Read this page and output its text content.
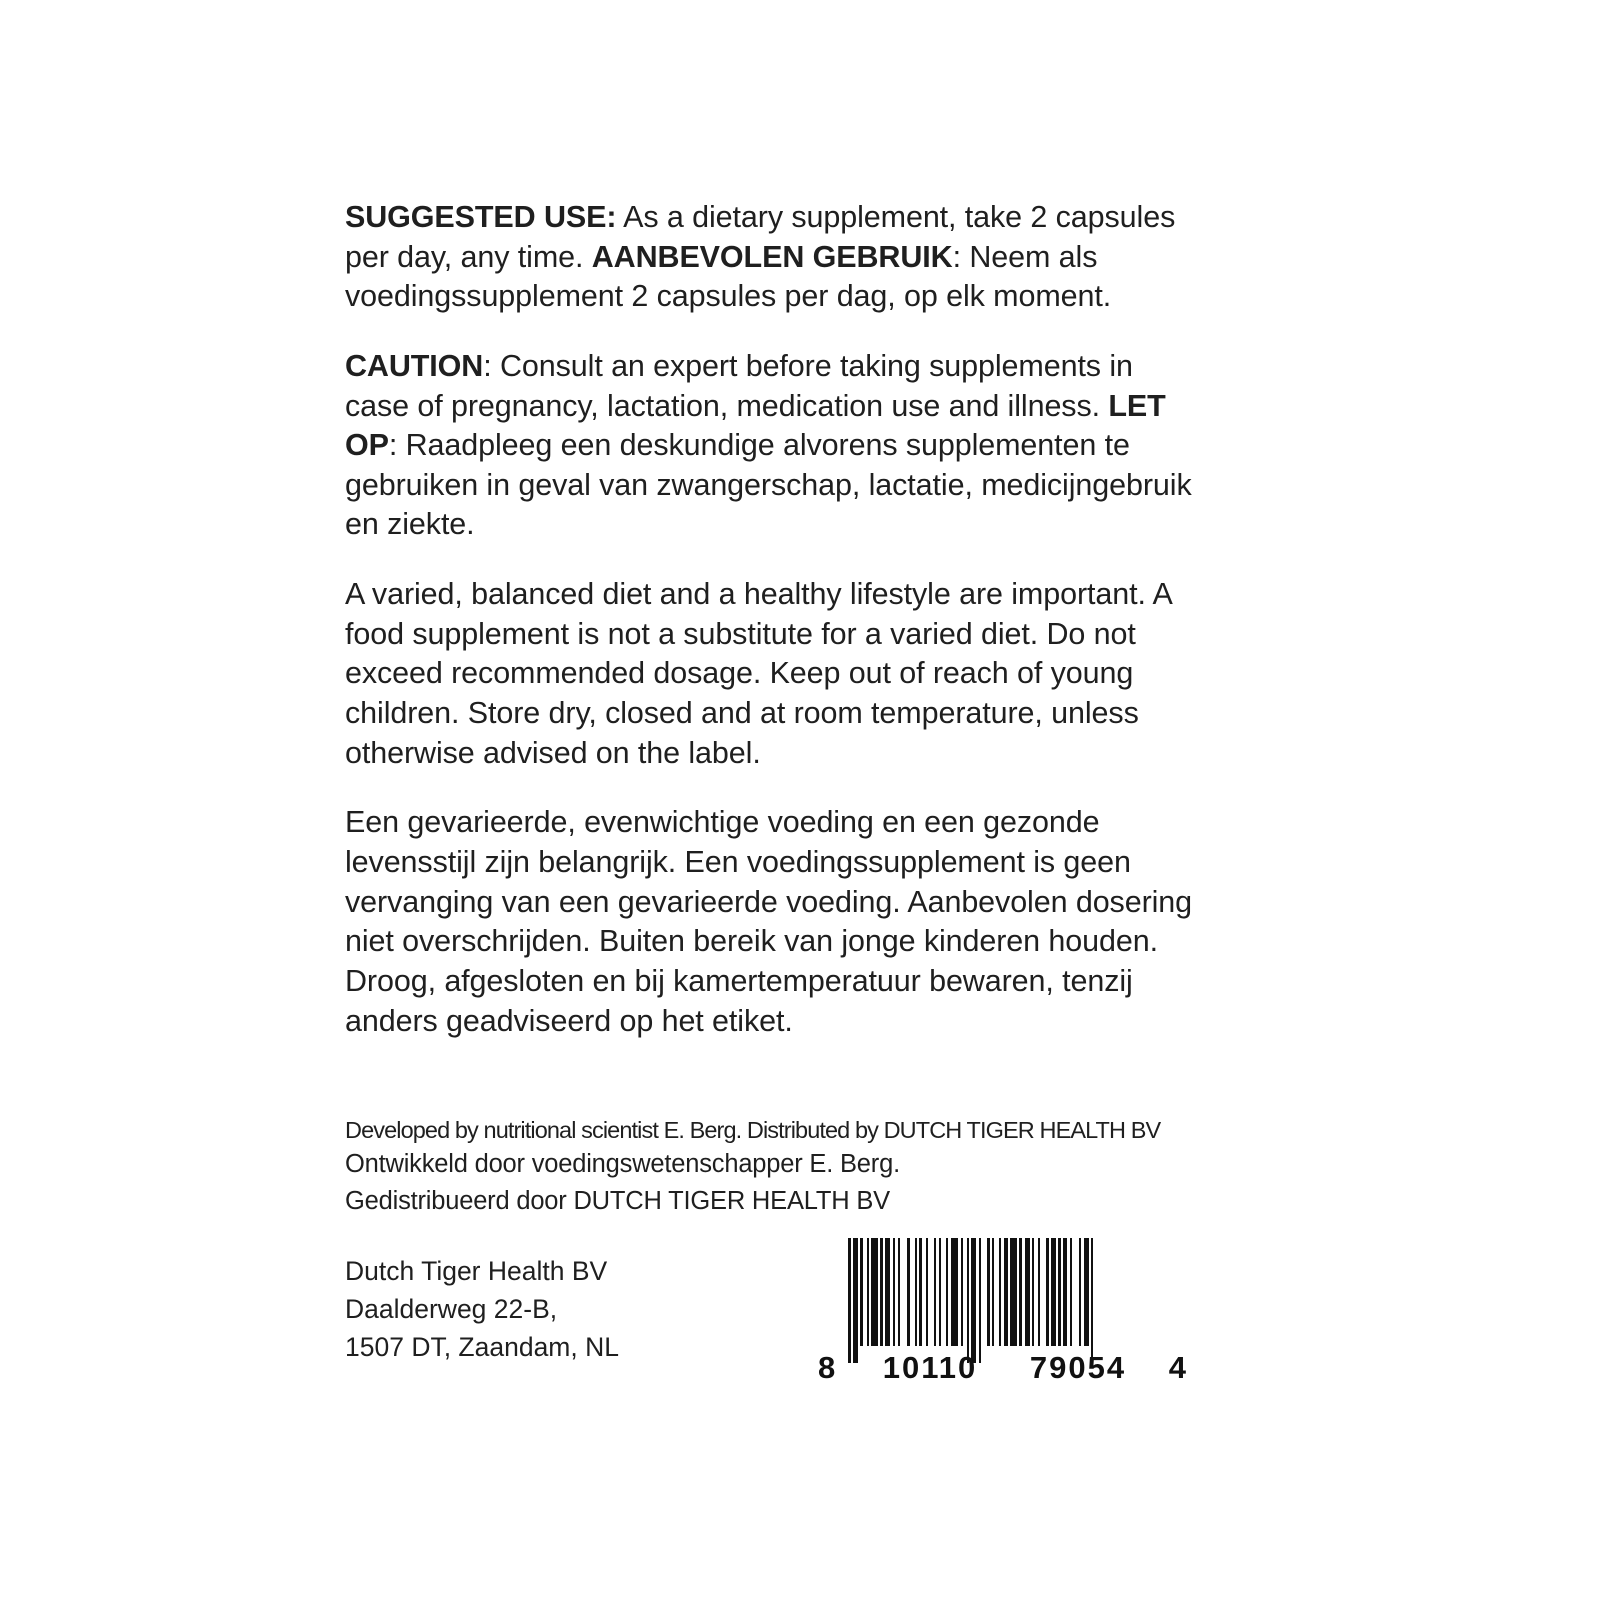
SUGGESTED USE: As a dietary supplement, take 2 capsules per day, any time. AANBEVOLEN GEBRUIK: Neem als voedingssupplement 2 capsules per dag, op elk moment.

CAUTION: Consult an expert before taking supplements in case of pregnancy, lactation, medication use and illness. LET OP: Raadpleeg een deskundige alvorens supplementen te gebruiken in geval van zwangerschap, lactatie, medicijngebruik en ziekte.

A varied, balanced diet and a healthy lifestyle are important. A food supplement is not a substitute for a varied diet. Do not exceed recommended dosage. Keep out of reach of young children. Store dry, closed and at room temperature, unless otherwise advised on the label.

Een gevarieerde, evenwichtige voeding en een gezonde levensstijl zijn belangrijk. Een voedingssupplement is geen vervanging van een gevarieerde voeding. Aanbevolen dosering niet overschrijden. Buiten bereik van jonge kinderen houden. Droog, afgesloten en bij kamertemperatuur bewaren, tenzij anders geadviseerd op het etiket.

Developed by nutritional scientist E. Berg. Distributed by DUTCH TIGER HEALTH BV
Ontwikkeld door voedingswetenschapper E. Berg.
Gedistribueerd door DUTCH TIGER HEALTH BV
Dutch Tiger Health BV
Daalderweg 22-B,
1507 DT, Zaandam, NL
8	10110	79054	4
